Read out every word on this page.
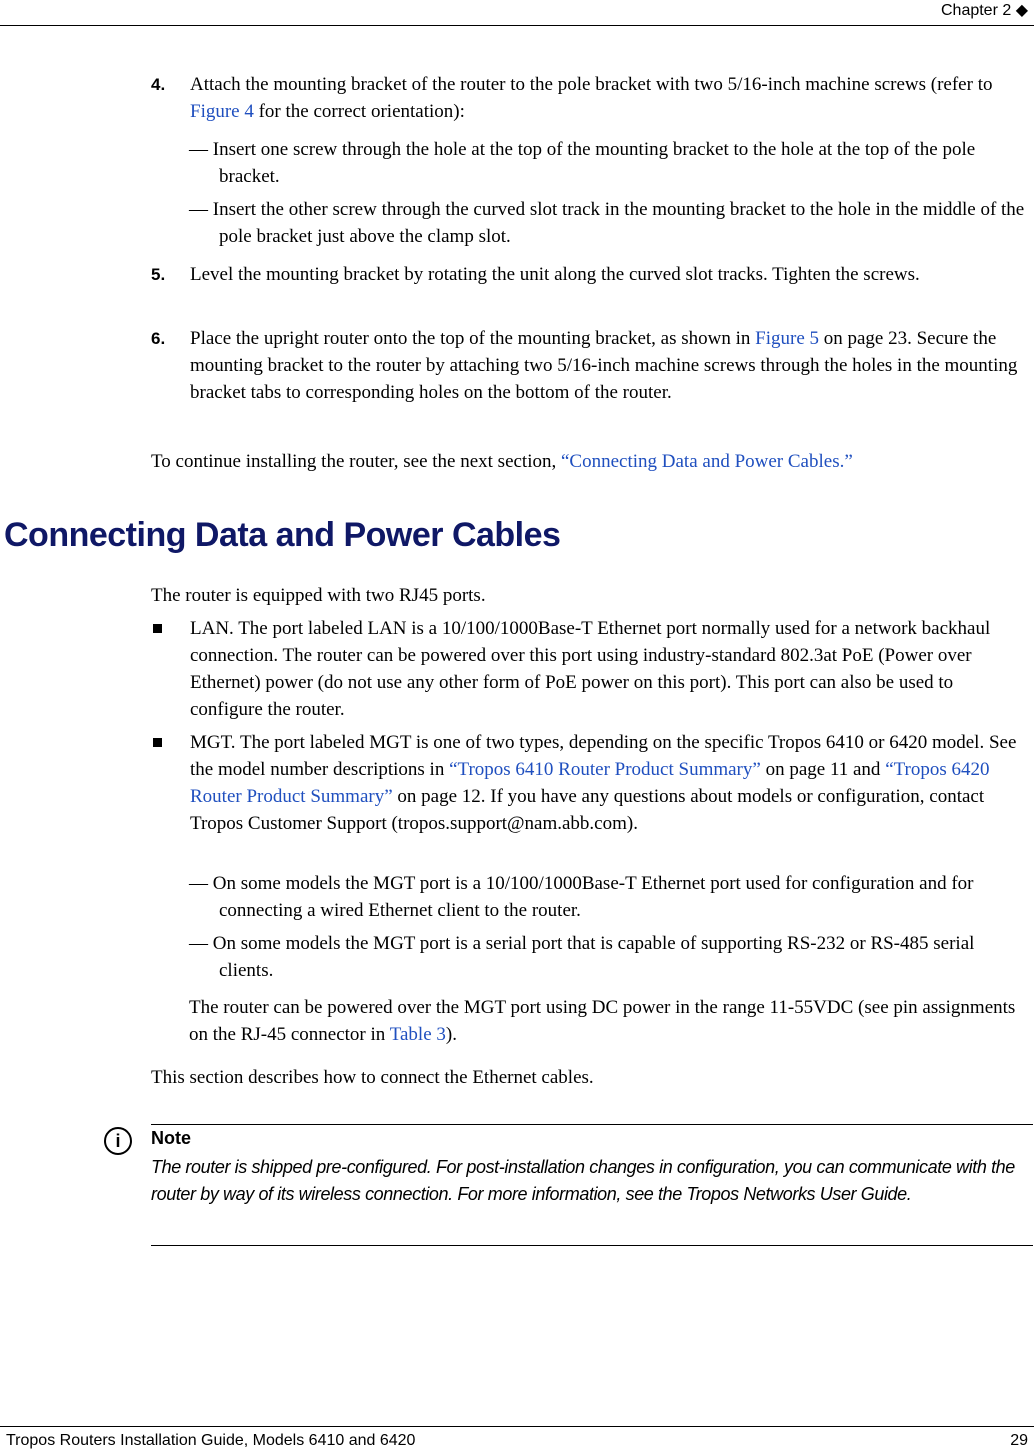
Chapter 2 ◆
4. Attach the mounting bracket of the router to the pole bracket with two 5/16-inch machine screws (refer to Figure 4 for the correct orientation):
— Insert one screw through the hole at the top of the mounting bracket to the hole at the top of the pole bracket.
— Insert the other screw through the curved slot track in the mounting bracket to the hole in the middle of the pole bracket just above the clamp slot.
5. Level the mounting bracket by rotating the unit along the curved slot tracks. Tighten the screws.
6. Place the upright router onto the top of the mounting bracket, as shown in Figure 5 on page 23. Secure the mounting bracket to the router by attaching two 5/16-inch machine screws through the holes in the mounting bracket tabs to corresponding holes on the bottom of the router.
To continue installing the router, see the next section, “Connecting Data and Power Cables.”
Connecting Data and Power Cables
The router is equipped with two RJ45 ports.
LAN. The port labeled LAN is a 10/100/1000Base-T Ethernet port normally used for a network backhaul connection. The router can be powered over this port using industry-standard 802.3at PoE (Power over Ethernet) power (do not use any other form of PoE power on this port). This port can also be used to configure the router.
MGT. The port labeled MGT is one of two types, depending on the specific Tropos 6410 or 6420 model. See the model number descriptions in “Tropos 6410 Router Product Summary” on page 11 and “Tropos 6420 Router Product Summary” on page 12. If you have any questions about models or configuration, contact Tropos Customer Support (tropos.support@nam.abb.com).
— On some models the MGT port is a 10/100/1000Base-T Ethernet port used for configuration and for connecting a wired Ethernet client to the router.
— On some models the MGT port is a serial port that is capable of supporting RS-232 or RS-485 serial clients.
The router can be powered over the MGT port using DC power in the range 11-55VDC (see pin assignments on the RJ-45 connector in Table 3).
This section describes how to connect the Ethernet cables.
i	Note
The router is shipped pre-configured. For post-installation changes in configuration, you can communicate with the router by way of its wireless connection. For more information, see the Tropos Networks User Guide.
Tropos Routers Installation Guide, Models 6410 and 6420	29
